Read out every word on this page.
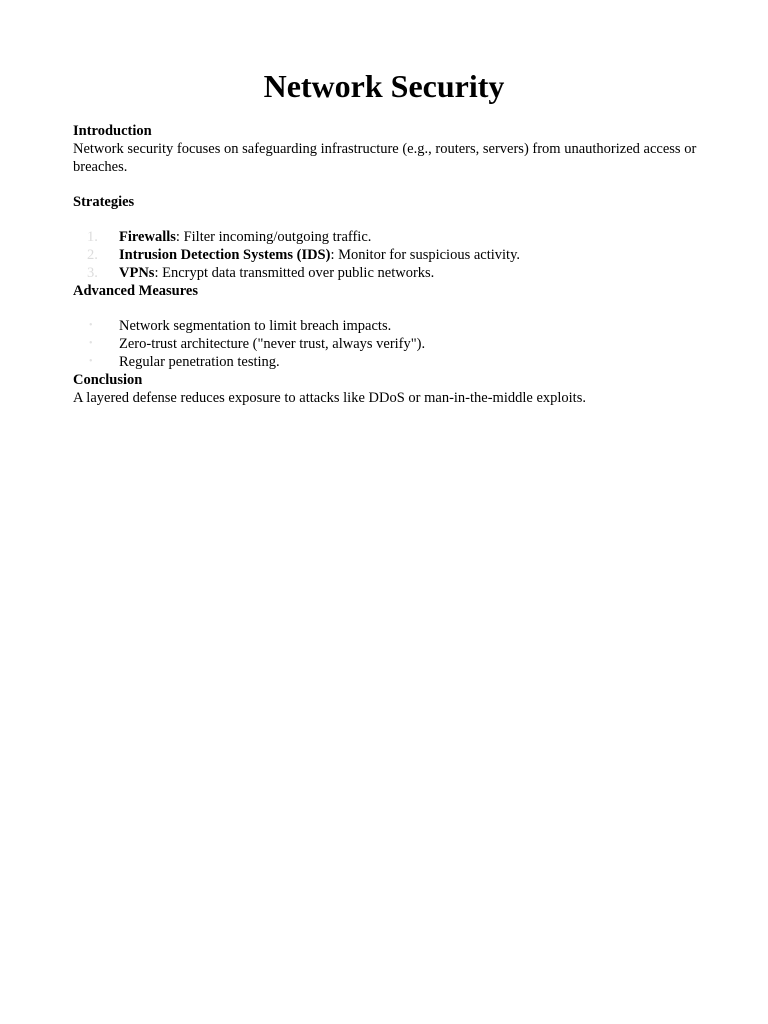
Network Security

Introduction

Network security focuses on safeguarding infrastructure (e.g., routers, servers) from unauthorized access or breaches.

Strategies

1. Firewalls: Filter incoming/outgoing traffic.
2. Intrusion Detection Systems (IDS): Monitor for suspicious activity.
3. VPNs: Encrypt data transmitted over public networks.

Advanced Measures

• Network segmentation to limit breach impacts.
• Zero-trust architecture ("never trust, always verify").
• Regular penetration testing.

Conclusion

A layered defense reduces exposure to attacks like DDoS or man-in-the-middle exploits.
